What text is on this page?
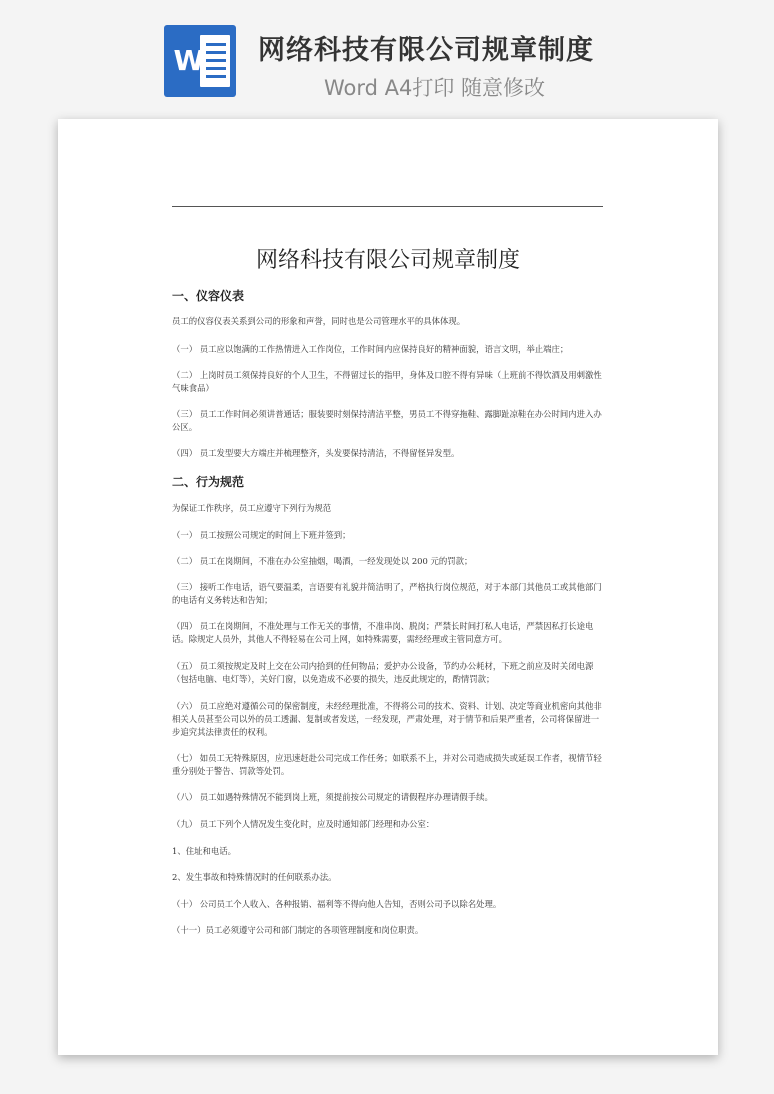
W 网络科技有限公司规章制度
Word A4打印 随意修改
网络科技有限公司规章制度
一、仪容仪表
员工的仪容仪表关系到公司的形象和声誉，同时也是公司管理水平的具体体现。
（一） 员工应以饱满的工作热情进入工作岗位，工作时间内应保持良好的精神面貌，语言文明，举止端庄；
（二） 上岗时员工须保持良好的个人卫生，不得留过长的指甲，身体及口腔不得有异味（上班前不得饮酒及用刺激性气味食品）
（三） 员工工作时间必须讲普通话；服装要时刻保持清洁平整，男员工不得穿拖鞋、露脚趾凉鞋在办公时间内进入办公区。
（四） 员工发型要大方端庄并梳理整齐，头发要保持清洁，不得留怪异发型。
二、行为规范
为保证工作秩序，员工应遵守下列行为规范
（一） 员工按照公司规定的时间上下班并签到；
（二） 员工在岗期间，不准在办公室抽烟，喝酒，一经发现处以 200 元的罚款；
（三） 接听工作电话，语气要温柔，言语要有礼貌并简洁明了，严格执行岗位规范，对于本部门其他员工或其他部门的电话有义务转达和告知；
（四） 员工在岗期间，不准处理与工作无关的事情，不准串岗、脱岗；严禁长时间打私人电话，严禁因私打长途电话。除规定人员外，其他人不得轻易在公司上网，如特殊需要，需经经理或主管同意方可。
（五） 员工须按规定及时上交在公司内拾到的任何物品；爱护办公设备，节约办公耗材，下班之前应及时关闭电源（包括电脑、电灯等），关好门窗，以免造成不必要的损失，违反此规定的，酌情罚款；
（六） 员工应绝对遵循公司的保密制度，未经经理批准，不得将公司的技术、资料、计划、决定等商业机密向其他非相关人员甚至公司以外的员工透漏、复制或者发送，一经发现，严肃处理，对于情节和后果严重者，公司将保留进一步追究其法律责任的权利。
（七） 如员工无特殊原因，应迅速赶赴公司完成工作任务；如联系不上，并对公司造成损失或延误工作者，视情节轻重分别处于警告、罚款等处罚。
（八） 员工如遇特殊情况不能到岗上班，须提前按公司规定的请假程序办理请假手续。
（九） 员工下列个人情况发生变化时，应及时通知部门经理和办公室：
1、住址和电话。
2、发生事故和特殊情况时的任何联系办法。
（十） 公司员工个人收入、各种报销、福利等不得向他人告知，否则公司予以除名处理。
（十一）员工必须遵守公司和部门制定的各项管理制度和岗位职责。
